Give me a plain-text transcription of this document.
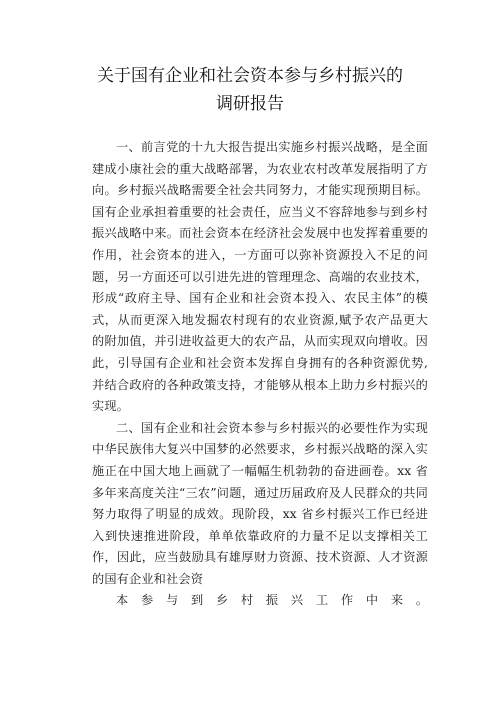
关于国有企业和社会资本参与乡村振兴的
调研报告

一、前言党的十九大报告提出实施乡村振兴战略，是全面建成小康社会的重大战略部署，为农业农村改革发展指明了方向。乡村振兴战略需要全社会共同努力，才能实现预期目标。国有企业承担着重要的社会责任，应当义不容辞地参与到乡村振兴战略中来。而社会资本在经济社会发展中也发挥着重要的作用，社会资本的进入，一方面可以弥补资源投入不足的问题，另一方面还可以引进先进的管理理念、高端的农业技术，形成“政府主导、国有企业和社会资本投入、农民主体”的模式，从而更深入地发掘农村现有的农业资源,赋予农产品更大的附加值，并引进收益更大的农产品，从而实现双向增收。因此，引导国有企业和社会资本发挥自身拥有的各种资源优势,并结合政府的各种政策支持，才能够从根本上助力乡村振兴的实现。

二、国有企业和社会资本参与乡村振兴的必要性作为实现中华民族伟大复兴中国梦的必然要求，乡村振兴战略的深入实施正在中国大地上画就了一幅幅生机勃勃的奋进画卷。xx 省多年来高度关注“三农”问题，通过历届政府及人民群众的共同努力取得了明显的成效。现阶段，xx 省乡村振兴工作已经进入到快速推进阶段，单单依靠政府的力量不足以支撑相关工作，因此，应当鼓励具有雄厚财力资源、技术资源、人才资源的国有企业和社会资
本参与到乡村振兴工作中来。
